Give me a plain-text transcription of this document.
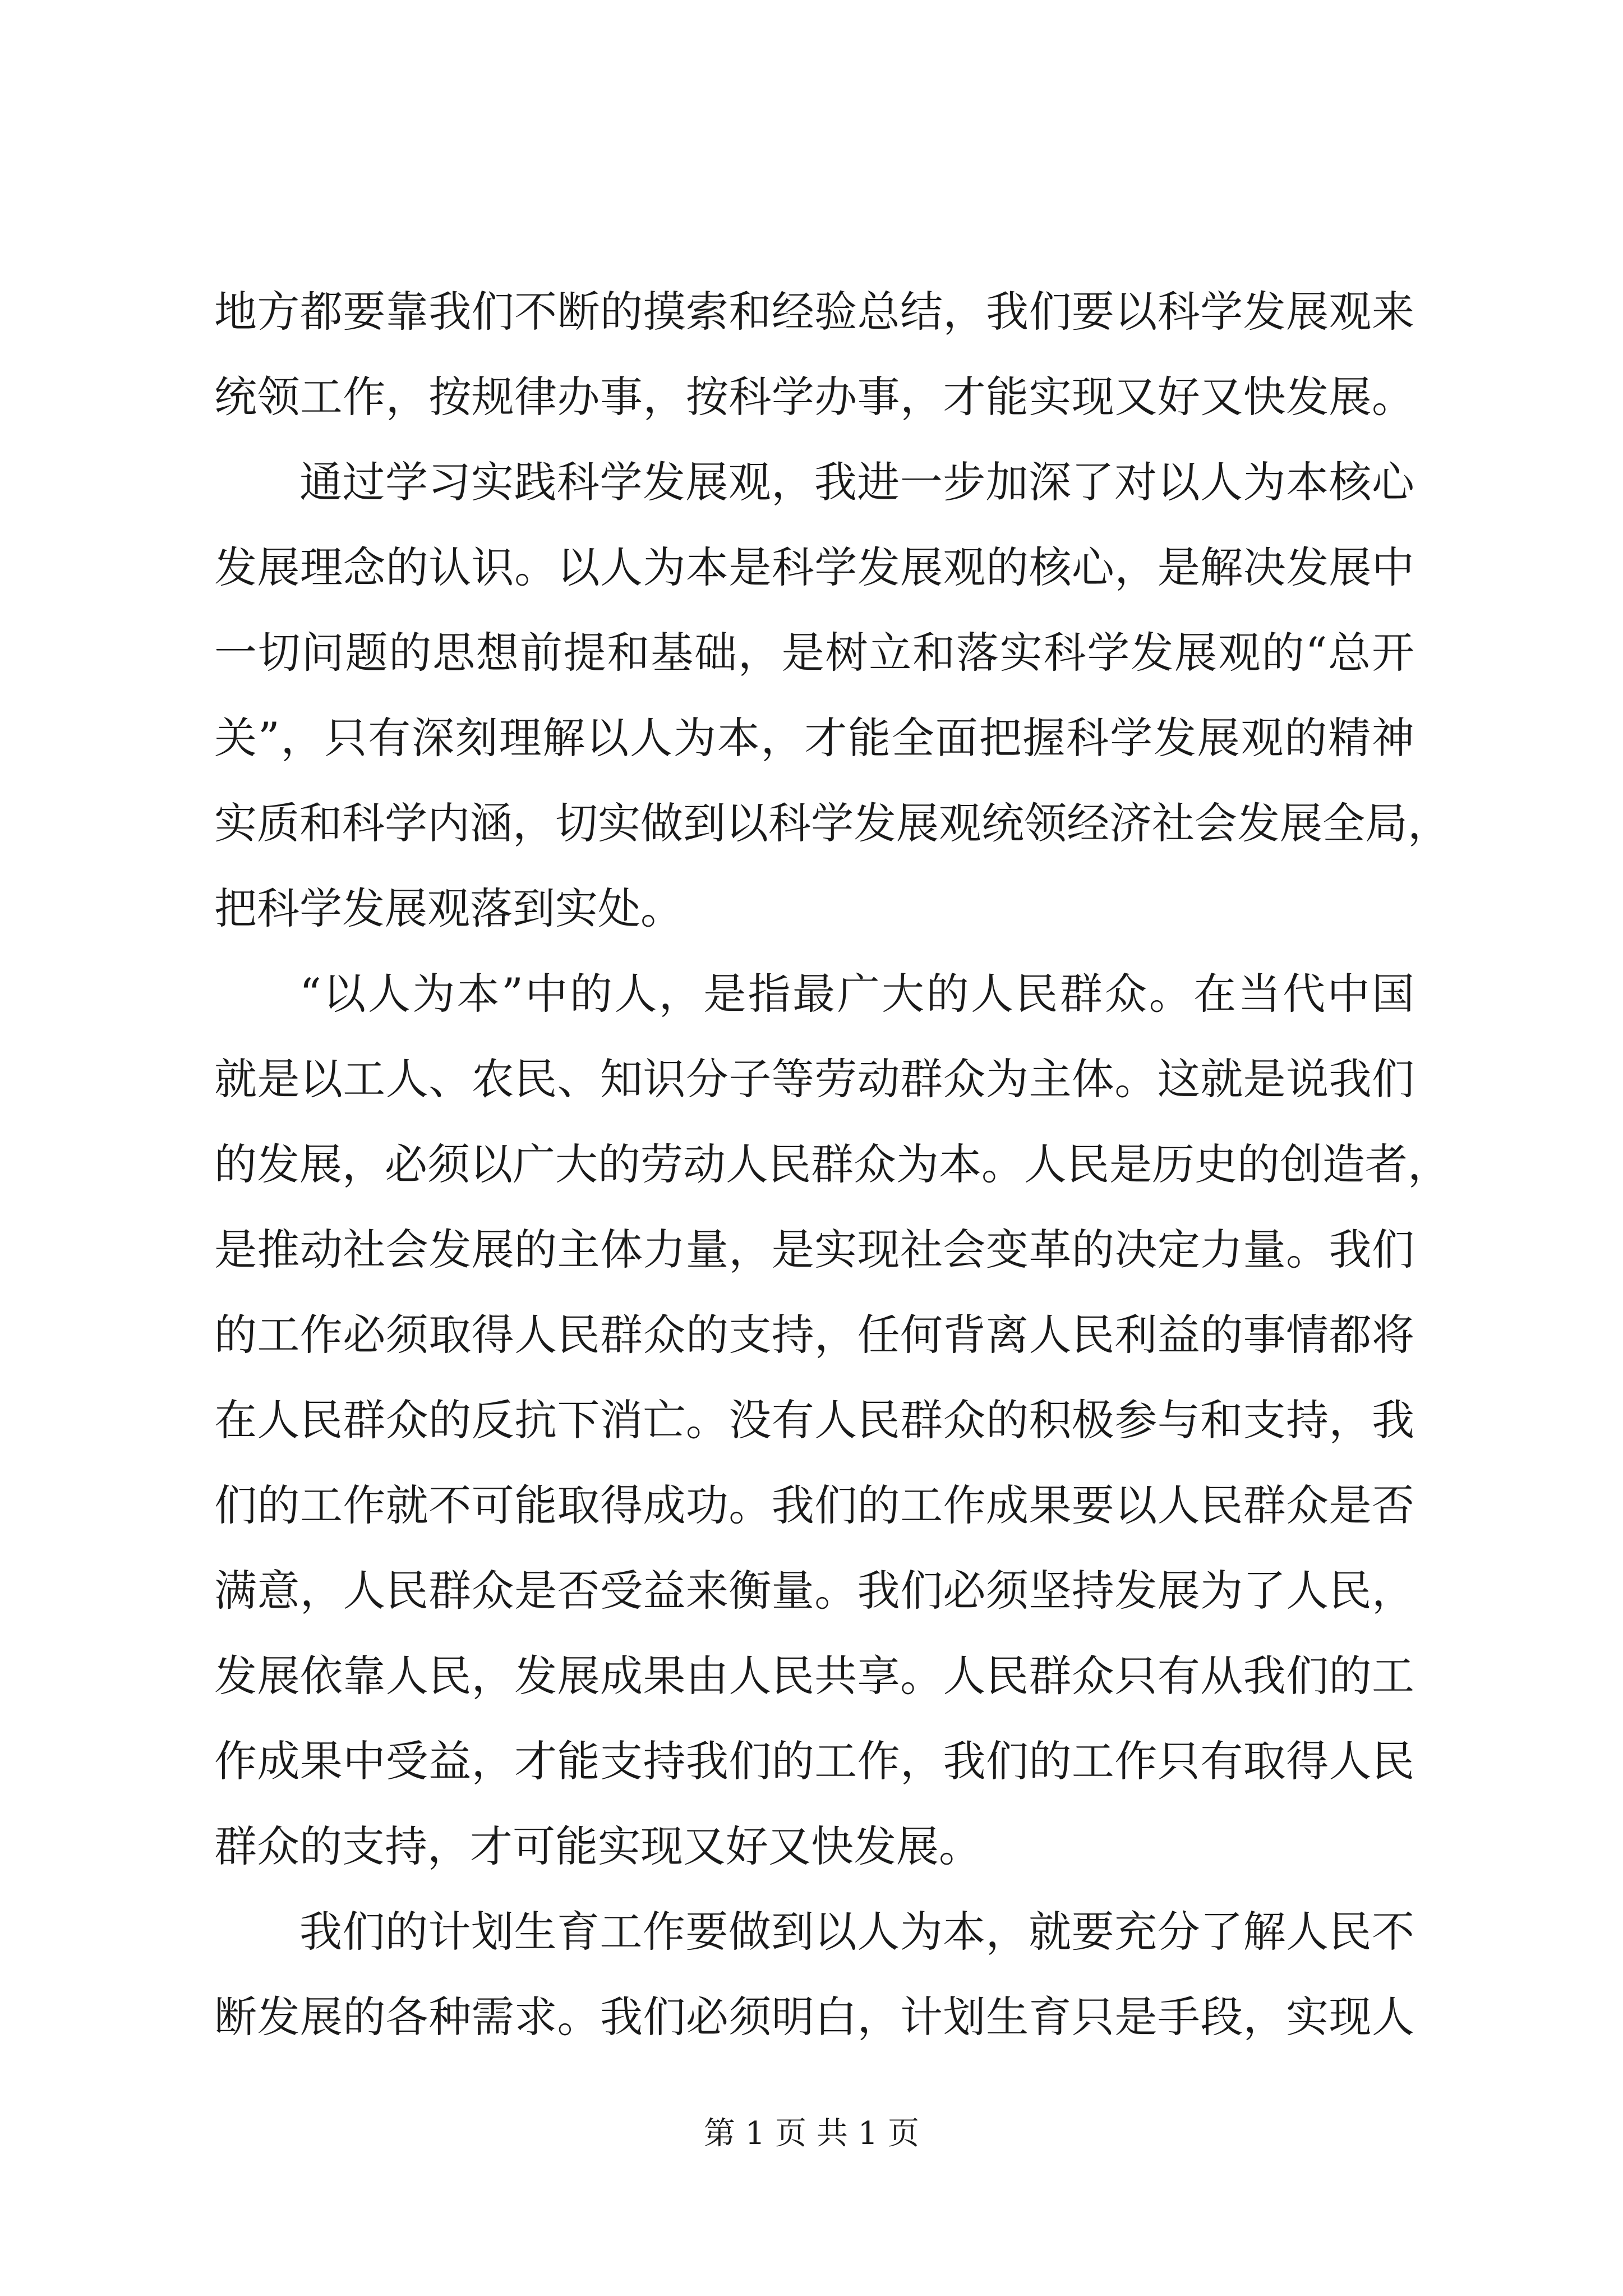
地方都要靠我们不断的摸索和经验总结，我们要以科学发展观来
统领工作，按规律办事，按科学办事，才能实现又好又快发展。
通过学习实践科学发展观，我进一步加深了对以人为本核心
发展理念的认识。以人为本是科学发展观的核心，是解决发展中
一切问题的思想前提和基础，是树立和落实科学发展观的“总开
关”，只有深刻理解以人为本，才能全面把握科学发展观的精神
实质和科学内涵，切实做到以科学发展观统领经济社会发展全局，
把科学发展观落到实处。
“以人为本”中的人，是指最广大的人民群众。在当代中国
就是以工人、农民、知识分子等劳动群众为主体。这就是说我们
的发展，必须以广大的劳动人民群众为本。人民是历史的创造者，
是推动社会发展的主体力量，是实现社会变革的决定力量。我们
的工作必须取得人民群众的支持，任何背离人民利益的事情都将
在人民群众的反抗下消亡。没有人民群众的积极参与和支持，我
们的工作就不可能取得成功。我们的工作成果要以人民群众是否
满意，人民群众是否受益来衡量。我们必须坚持发展为了人民，
发展依靠人民，发展成果由人民共享。人民群众只有从我们的工
作成果中受益，才能支持我们的工作，我们的工作只有取得人民
群众的支持，才可能实现又好又快发展。
我们的计划生育工作要做到以人为本，就要充分了解人民不
断发展的各种需求。我们必须明白，计划生育只是手段，实现人
第 1 页 共 1 页
